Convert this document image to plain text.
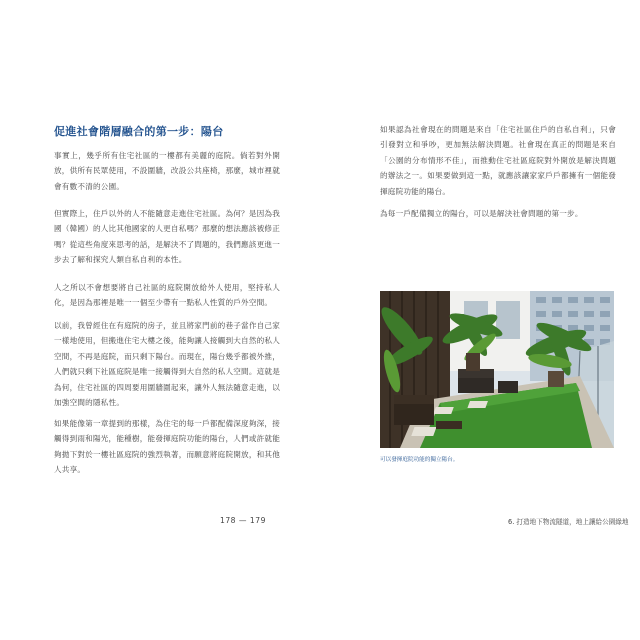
促進社會階層融合的第一步：陽台

事實上，幾乎所有住宅社區的一樓都有美麗的庭院。倘若對外開放，供所有民眾使用，不設圍牆，改設公共座椅，那麼，城市裡就會有數不清的公園。

但實際上，住戶以外的人不能隨意走進住宅社區。為何？是因為我國（韓國）的人比其他國家的人更自私嗎？那麼的想法應該被修正嗎？從這些角度來思考的話，是解決不了問題的，我們應該更進一步去了解和探究人類自私自利的本性。

人之所以不會想要將自己社區的庭院開放給外人使用，堅持私人化，是因為那裡是唯一一個至少帶有一點私人性質的戶外空間。

以前，我曾經住在有庭院的房子，並且將家門前的巷子當作自己家一樣地使用，但搬進住宅大樓之後，能夠讓人接觸到大自然的私人空間，不再是庭院，而只剩下陽台。而現在，陽台幾乎都被外推，人們就只剩下社區庭院是唯一接觸得到大自然的私人空間。這就是為何，住宅社區的四周要用圍牆圍起來，讓外人無法隨意走進，以加強空間的隱私性。

如果能像第一章提到的那樣，為住宅的每一戶都配備深度夠深，接觸得到雨和陽光，能種樹，能發揮庭院功能的陽台，人們或許就能夠拋下對於一樓社區庭院的強烈執著，而願意將庭院開放，和其他人共享。

178 — 179

如果認為社會現在的問題是來自「住宅社區住戶的自私自利」，只會引發對立和爭吵，更加無法解決問題。社會現在真正的問題是來自「公園的分布情形不佳」，而推動住宅社區庭院對外開放是解決問題的辦法之一。如果要做到這一點，就應該讓家家戶戶都擁有一個能發揮庭院功能的陽台。

為每一戶配備獨立的陽台，可以是解決社會問題的第一步。

可以發揮庭院功能的獨立陽台。
6. 打造地下物流隧道，地上讓給公園綠地
